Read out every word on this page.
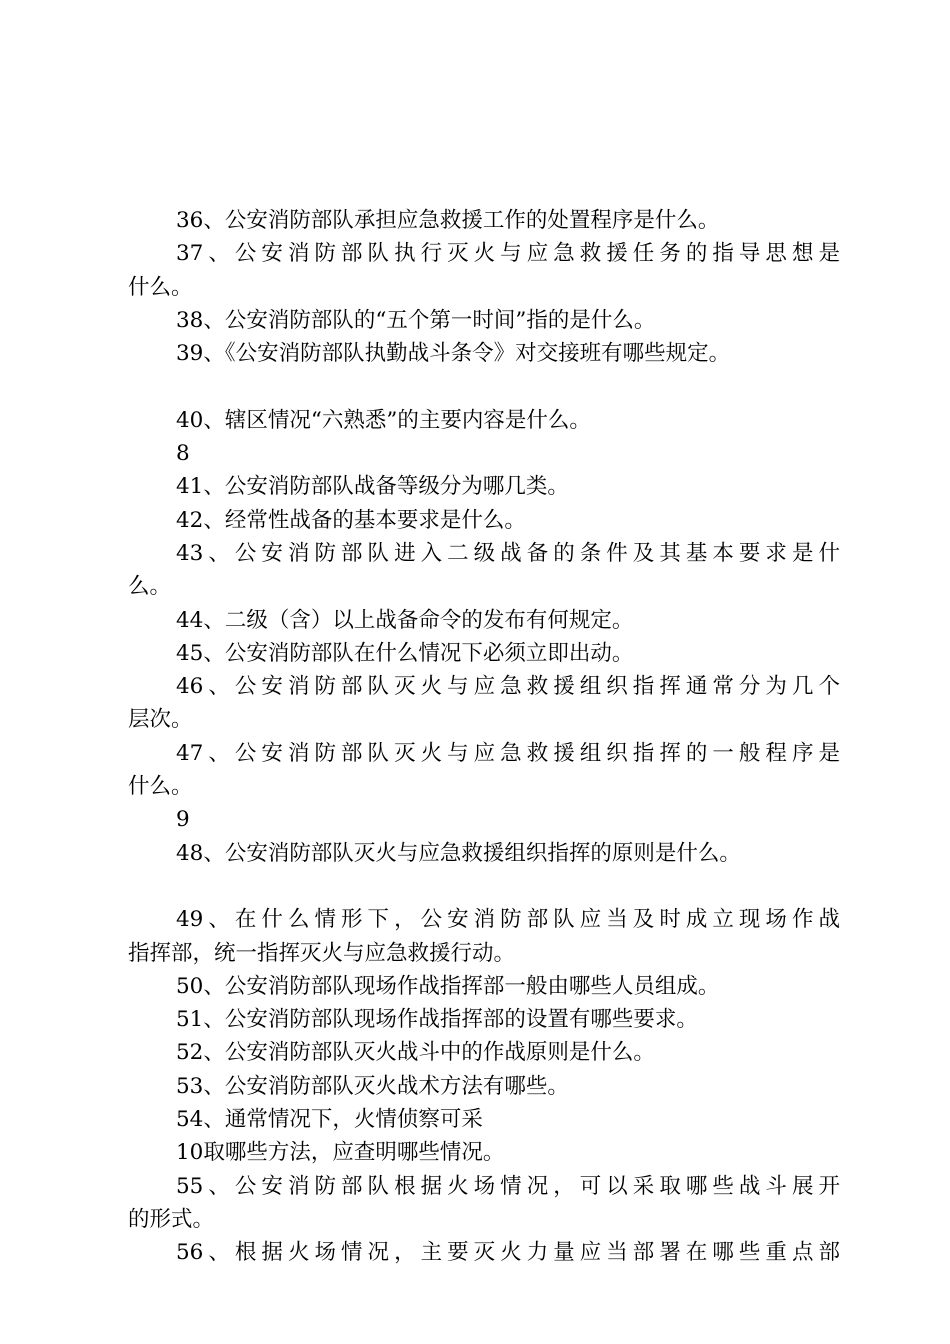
36、公安消防部队承担应急救援工作的处置程序是什么。
37、公安消防部队执行灭火与应急救援任务的指导思想是
什么。
38、公安消防部队的“五个第一时间”指的是什么。
39、《公安消防部队执勤战斗条令》对交接班有哪些规定。
40、辖区情况“六熟悉”的主要内容是什么。
8
41、公安消防部队战备等级分为哪几类。
42、经常性战备的基本要求是什么。
43、公安消防部队进入二级战备的条件及其基本要求是什
么。
44、二级（含）以上战备命令的发布有何规定。
45、公安消防部队在什么情况下必须立即出动。
46、公安消防部队灭火与应急救援组织指挥通常分为几个
层次。
47、公安消防部队灭火与应急救援组织指挥的一般程序是
什么。
9
48、公安消防部队灭火与应急救援组织指挥的原则是什么。
49、在什么情形下，公安消防部队应当及时成立现场作战
指挥部，统一指挥灭火与应急救援行动。
50、公安消防部队现场作战指挥部一般由哪些人员组成。
51、公安消防部队现场作战指挥部的设置有哪些要求。
52、公安消防部队灭火战斗中的作战原则是什么。
53、公安消防部队灭火战术方法有哪些。
54、通常情况下，火情侦察可采
10取哪些方法，应查明哪些情况。
55、公安消防部队根据火场情况，可以采取哪些战斗展开
的形式。
56、根据火场情况，主要灭火力量应当部署在哪些重点部
